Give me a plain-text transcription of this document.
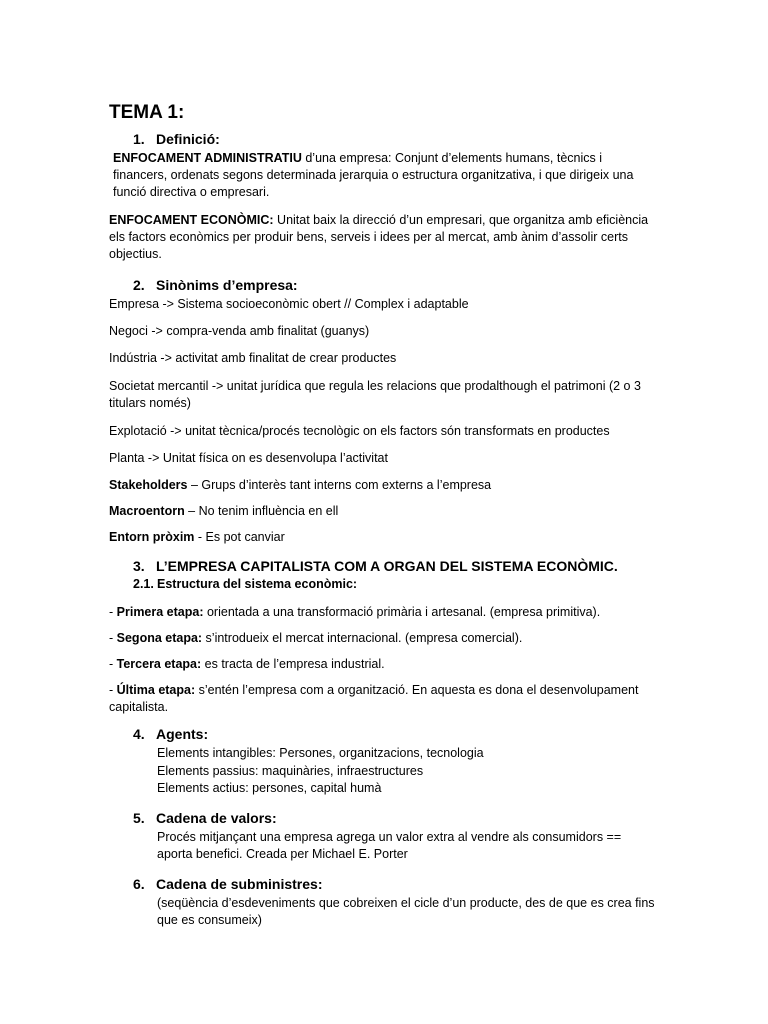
TEMA 1:
1. Definició:
ENFOCAMENT ADMINISTRATIU d’una empresa: Conjunt d’elements humans, tècnics i financers, ordenats segons determinada jerarquia o estructura organitzativa, i que dirigeix una funció directiva o empresari.
ENFOCAMENT ECONÒMIC: Unitat baix la direcció d’un empresari, que organitza amb eficiència els factors econòmics per produir bens, serveis i idees per al mercat, amb ànim d’assolir certs objectius.
2. Sinònims d’empresa:
Empresa -> Sistema socioeconòmic obert // Complex i adaptable
Negoci -> compra-venda amb finalitat (guanys)
Indústria -> activitat amb finalitat de crear productes
Societat mercantil -> unitat jurídica que regula les relacions que prodalthough el patrimoni (2 o 3 titulars només)
Explotació -> unitat tècnica/procés tecnològic on els factors són transformats en productes
Planta -> Unitat física on es desenvolupa l’activitat
Stakeholders – Grups d’interès tant interns com externs a l’empresa
Macroentorn – No tenim influència en ell
Entorn pròxim - Es pot canviar
3. L’EMPRESA CAPITALISTA COM A ORGAN DEL SISTEMA ECONÒMIC.
2.1. Estructura del sistema econòmic:
- Primera etapa: orientada a una transformació primària i artesanal. (empresa primitiva).
- Segona etapa: s’introdueix el mercat internacional. (empresa comercial).
- Tercera etapa: es tracta de l’empresa industrial.
- Última etapa: s’entén l’empresa com a organització. En aquesta es dona el desenvolupament capitalista.
4. Agents:
Elements intangibles: Persones, organitzacions, tecnologia
Elements passius: maquinàries, infraestructures
Elements actius: persones, capital humà
5. Cadena de valors:
Procés mitjançant una empresa agrega un valor extra al vendre als consumidors == aporta benefici. Creada per Michael E. Porter
6. Cadena de subministres:
(seqüència d’esdeveniments que cobreixen el cicle d’un producte, des de que es crea fins que es consumeix)
